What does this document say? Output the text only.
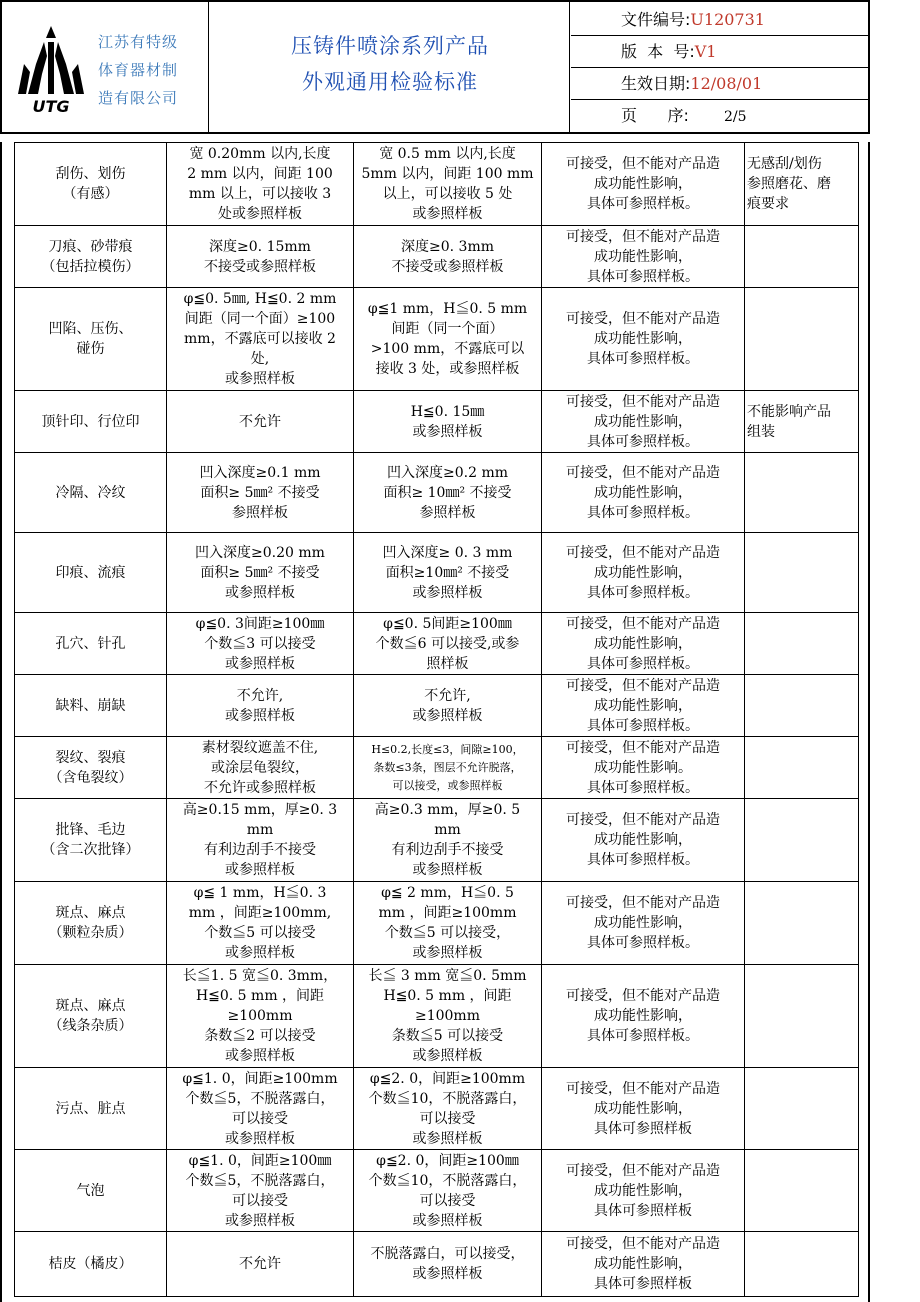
UTG
江苏有特级
体育器材制
造有限公司
压铸件喷涂系列产品
外观通用检验标准
文件编号:U120731
版  本  号:V1
生效日期:12/08/01
页      序:	2/5
刮伤、划伤
（有感）	宽 0.20mm 以内,长度
2 mm 以内，间距 100
mm 以上，可以接收 3
处或参照样板	宽 0.5 mm 以内,长度
5mm 以内，间距 100 mm
以上，可以接收 5 处
或参照样板	可接受，但不能对产品造
成功能性影响，
具体可参照样板。	无感刮/划伤
参照磨花、磨
痕要求

刀痕、砂带痕
（包括拉模伤）	深度≥0. 15mm
不接受或参照样板	深度≥0. 3mm
不接受或参照样板	可接受，但不能对产品造
成功能性影响，
具体可参照样板。	

凹陷、压伤、
碰伤	φ≦0. 5㎜, H≦0. 2 mm
间距（同一个面）≥100
mm，不露底可以接收 2
处,
或参照样板	φ≦1 mm，H≦0. 5 mm
间距（同一个面）
>100 mm，不露底可以
接收 3 处，或参照样板	可接受，但不能对产品造
成功能性影响，
具体可参照样板。	

顶针印、行位印	不允许	H≦0. 15㎜
或参照样板	可接受，但不能对产品造
成功能性影响，
具体可参照样板。	不能影响产品
组装

冷隔、冷纹	凹入深度≥0.1 mm
面积≥ 5㎜² 不接受
参照样板	凹入深度≥0.2 mm
面积≥ 10㎜² 不接受
参照样板	可接受，但不能对产品造
成功能性影响，
具体可参照样板。	

印痕、流痕	凹入深度≥0.20 mm
面积≥ 5㎜² 不接受
或参照样板	凹入深度≥ 0. 3 mm
面积≥10㎜² 不接受
或参照样板	可接受，但不能对产品造
成功能性影响，
具体可参照样板。	

孔穴、针孔	φ≦0. 3间距≥100㎜
个数≦3 可以接受
或参照样板	φ≦0. 5间距≥100㎜
个数≦6 可以接受,或参
照样板	可接受，但不能对产品造
成功能性影响，
具体可参照样板。	

缺料、崩缺	不允许,
或参照样板	不允许,
或参照样板	可接受，但不能对产品造
成功能性影响，
具体可参照样板。	

裂纹、裂痕
（含龟裂纹）	素材裂纹遮盖不住,
或涂层龟裂纹，
不允许或参照样板	H≤0.2,长度≤3，间隙≥100，
条数≤3条，图层不允许脱落，
可以接受，或参照样板	可接受，但不能对产品造
成功能性影响。
具体可参照样板。	

批锋、毛边
（含二次批锋）	高≥0.15 mm，厚≥0. 3
mm
有利边刮手不接受
或参照样板	高≥0.3 mm，厚≥0. 5
mm
有利边刮手不接受
或参照样板	可接受，但不能对产品造
成功能性影响，
具体可参照样板。	

斑点、麻点
（颗粒杂质）	φ≦ 1 mm，H≦0. 3
mm ，间距≥100mm,
个数≦5 可以接受
或参照样板	φ≦ 2 mm，H≦0. 5
mm ，间距≥100mm
个数≦5 可以接受，
或参照样板	可接受，但不能对产品造
成功能性影响，
具体可参照样板。	

斑点、麻点
（线条杂质）	长≦1. 5 宽≦0. 3mm，
H≦0. 5 mm ，间距
≥100mm
条数≦2 可以接受
或参照样板	长≦ 3 mm 宽≦0. 5mm
H≦0. 5 mm ，间距
≥100mm
条数≦5 可以接受
或参照样板	可接受，但不能对产品造
成功能性影响，
具体可参照样板。	

污点、脏点	φ≦1. 0，间距≥100mm
个数≦5，不脱落露白，
可以接受
或参照样板	φ≦2. 0，间距≥100mm
个数≦10，不脱落露白，
可以接受
或参照样板	可接受，但不能对产品造
成功能性影响，
具体可参照样板	

气泡	φ≦1. 0，间距≥100㎜
个数≦5，不脱落露白，
可以接受
或参照样板	φ≦2. 0，间距≥100㎜
个数≦10，不脱落露白，
可以接受
或参照样板	可接受，但不能对产品造
成功能性影响，
具体可参照样板	

桔皮（橘皮）	不允许	不脱落露白，可以接受，
或参照样板	可接受，但不能对产品造
成功能性影响，
具体可参照样板	
